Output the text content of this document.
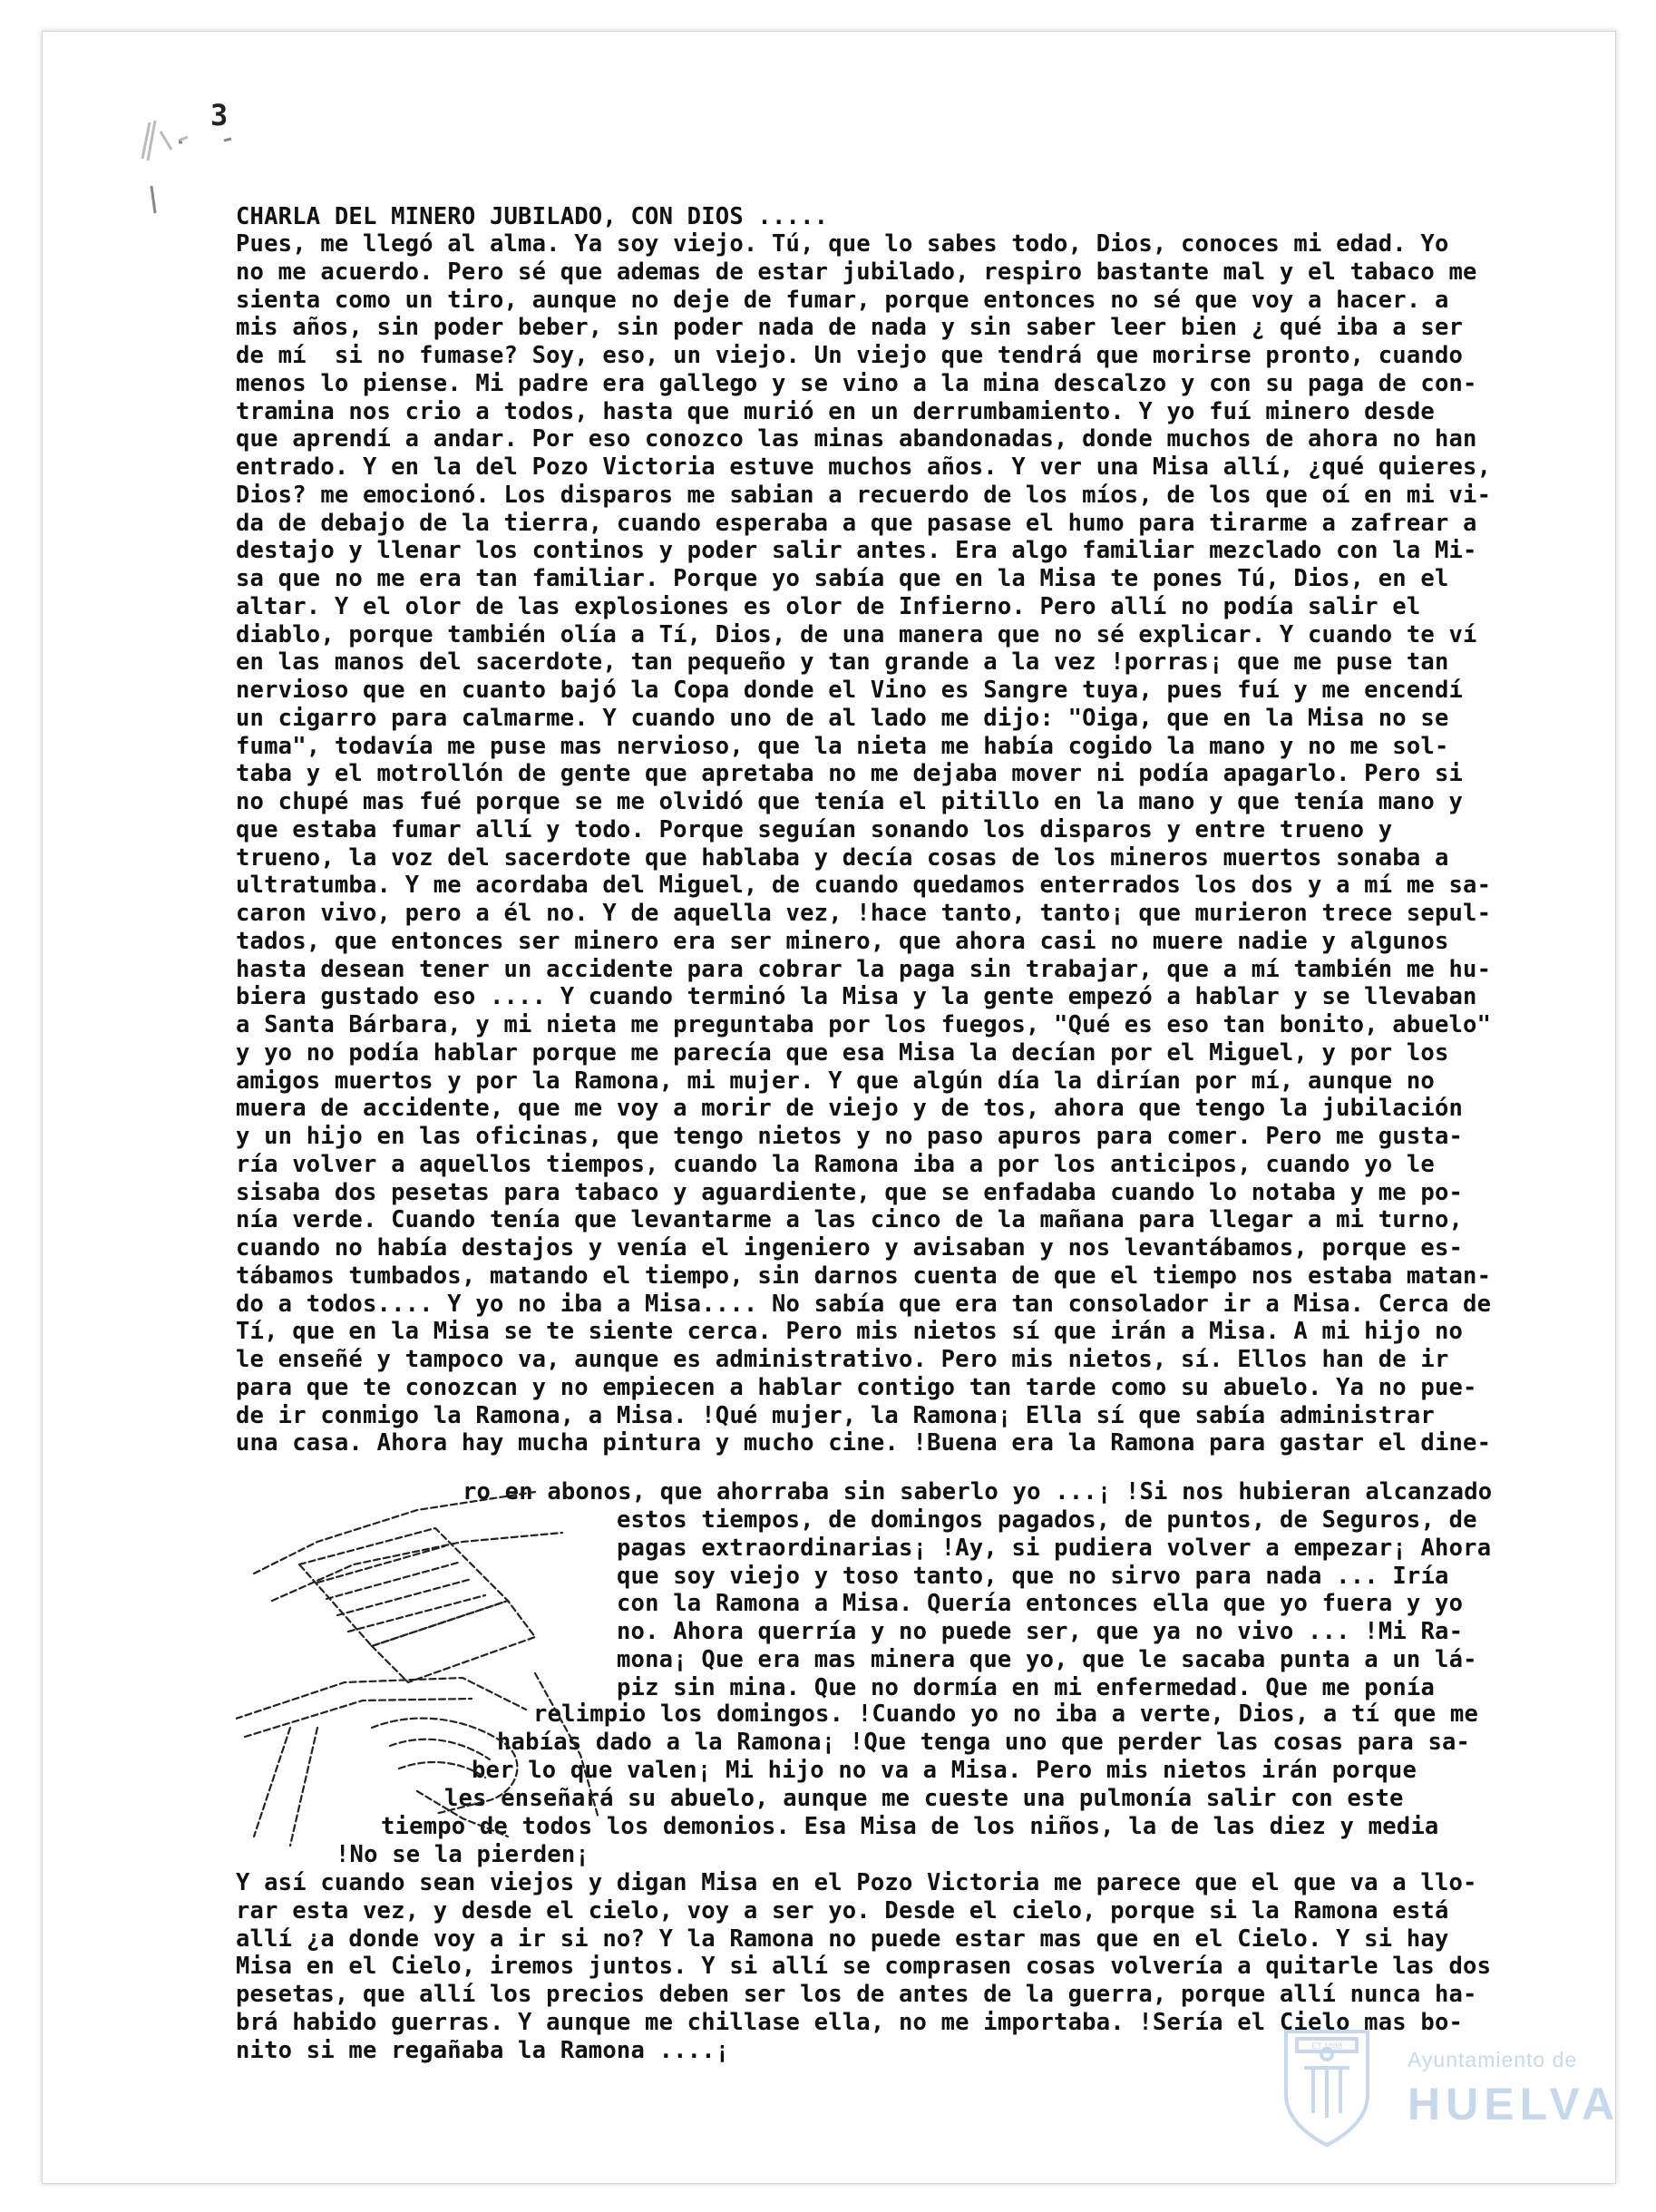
3
CHARLA DEL MINERO JUBILADO, CON DIOS .....
Pues, me llegó al alma. Ya soy viejo. Tú, que lo sabes todo, Dios, conoces mi edad. Yo
no me acuerdo. Pero sé que ademas de estar jubilado, respiro bastante mal y el tabaco me
sienta como un tiro, aunque no deje de fumar, porque entonces no sé que voy a hacer. a
mis años, sin poder beber, sin poder nada de nada y sin saber leer bien ¿ qué iba a ser
de mí  si no fumase? Soy, eso, un viejo. Un viejo que tendrá que morirse pronto, cuando
menos lo piense. Mi padre era gallego y se vino a la mina descalzo y con su paga de con-
tramina nos crio a todos, hasta que murió en un derrumbamiento. Y yo fuí minero desde
que aprendí a andar. Por eso conozco las minas abandonadas, donde muchos de ahora no han
entrado. Y en la del Pozo Victoria estuve muchos años. Y ver una Misa allí, ¿qué quieres,
Dios? me emocionó. Los disparos me sabian a recuerdo de los míos, de los que oí en mi vi-
da de debajo de la tierra, cuando esperaba a que pasase el humo para tirarme a zafrear a
destajo y llenar los continos y poder salir antes. Era algo familiar mezclado con la Mi-
sa que no me era tan familiar. Porque yo sabía que en la Misa te pones Tú, Dios, en el
altar. Y el olor de las explosiones es olor de Infierno. Pero allí no podía salir el
diablo, porque también olía a Tí, Dios, de una manera que no sé explicar. Y cuando te ví
en las manos del sacerdote, tan pequeño y tan grande a la vez !porras¡ que me puse tan
nervioso que en cuanto bajó la Copa donde el Vino es Sangre tuya, pues fuí y me encendí
un cigarro para calmarme. Y cuando uno de al lado me dijo: "Oiga, que en la Misa no se
fuma", todavía me puse mas nervioso, que la nieta me había cogido la mano y no me sol-
taba y el motrollón de gente que apretaba no me dejaba mover ni podía apagarlo. Pero si
no chupé mas fué porque se me olvidó que tenía el pitillo en la mano y que tenía mano y
que estaba fumar allí y todo. Porque seguían sonando los disparos y entre trueno y
trueno, la voz del sacerdote que hablaba y decía cosas de los mineros muertos sonaba a
ultratumba. Y me acordaba del Miguel, de cuando quedamos enterrados los dos y a mí me sa-
caron vivo, pero a él no. Y de aquella vez, !hace tanto, tanto¡ que murieron trece sepul-
tados, que entonces ser minero era ser minero, que ahora casi no muere nadie y algunos
hasta desean tener un accidente para cobrar la paga sin trabajar, que a mí también me hu-
biera gustado eso .... Y cuando terminó la Misa y la gente empezó a hablar y se llevaban
a Santa Bárbara, y mi nieta me preguntaba por los fuegos, "Qué es eso tan bonito, abuelo"
y yo no podía hablar porque me parecía que esa Misa la decían por el Miguel, y por los
amigos muertos y por la Ramona, mi mujer. Y que algún día la dirían por mí, aunque no
muera de accidente, que me voy a morir de viejo y de tos, ahora que tengo la jubilación
y un hijo en las oficinas, que tengo nietos y no paso apuros para comer. Pero me gusta-
ría volver a aquellos tiempos, cuando la Ramona iba a por los anticipos, cuando yo le
sisaba dos pesetas para tabaco y aguardiente, que se enfadaba cuando lo notaba y me po-
nía verde. Cuando tenía que levantarme a las cinco de la mañana para llegar a mi turno,
cuando no había destajos y venía el ingeniero y avisaban y nos levantábamos, porque es-
tábamos tumbados, matando el tiempo, sin darnos cuenta de que el tiempo nos estaba matan-
do a todos.... Y yo no iba a Misa.... No sabía que era tan consolador ir a Misa. Cerca de
Tí, que en la Misa se te siente cerca. Pero mis nietos sí que irán a Misa. A mi hijo no
le enseñé y tampoco va, aunque es administrativo. Pero mis nietos, sí. Ellos han de ir
para que te conozcan y no empiecen a hablar contigo tan tarde como su abuelo. Ya no pue-
de ir conmigo la Ramona, a Misa. !Qué mujer, la Ramona¡ Ella sí que sabía administrar
una casa. Ahora hay mucha pintura y mucho cine. !Buena era la Ramona para gastar el dine-
ro en abonos, que ahorraba sin saberlo yo ...¡ !Si nos hubieran alcanzado
estos tiempos, de domingos pagados, de puntos, de Seguros, de
pagas extraordinarias¡ !Ay, si pudiera volver a empezar¡ Ahora
que soy viejo y toso tanto, que no sirvo para nada ... Iría
con la Ramona a Misa. Quería entonces ella que yo fuera y yo
no. Ahora querría y no puede ser, que ya no vivo ... !Mi Ra-
mona¡ Que era mas minera que yo, que le sacaba punta a un lá-
piz sin mina. Que no dormía en mi enfermedad. Que me ponía
relimpio los domingos. !Cuando yo no iba a verte, Dios, a tí que me
habías dado a la Ramona¡ !Que tenga uno que perder las cosas para sa-
ber lo que valen¡ Mi hijo no va a Misa. Pero mis nietos irán porque
les enseñará su abuelo, aunque me cueste una pulmonía salir con este
tiempo de todos los demonios. Esa Misa de los niños, la de las diez y media
!No se la pierden¡
Y así cuando sean viejos y digan Misa en el Pozo Victoria me parece que el que va a llo-
rar esta vez, y desde el cielo, voy a ser yo. Desde el cielo, porque si la Ramona está
allí ¿a donde voy a ir si no? Y la Ramona no puede estar mas que en el Cielo. Y si hay
Misa en el Cielo, iremos juntos. Y si allí se comprasen cosas volvería a quitarle las dos
pesetas, que allí los precios deben ser los de antes de la guerra, porque allí nunca ha-
brá habido guerras. Y aunque me chillase ella, no me importaba. !Sería el Cielo mas bo-
nito si me regañaba la Ramona ....¡	ET 1888
Ayuntamiento de
HUELVA
